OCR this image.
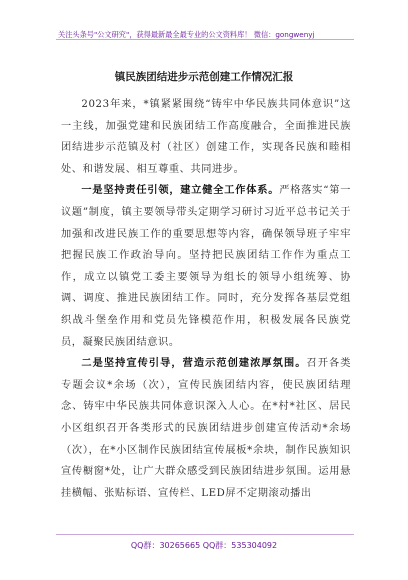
关注头条号"公文研究"，获得最新最全最专业的公文资料库！ 微信：gongwenyj
镇民族团结进步示范创建工作情况汇报

2023年来，*镇紧紧围绕“铸牢中华民族共同体意识”这一主线，加强党建和民族团结工作高度融合，全面推进民族团结进步示范镇及村（社区）创建工作，实现各民族和睦相处、和谐发展、相互尊重、共同进步。

一是坚持责任引领，建立健全工作体系。严格落实“第一议题”制度，镇主要领导带头定期学习研讨习近平总书记关于加强和改进民族工作的重要思想等内容，确保领导班子牢牢把握民族工作政治导向。坚持把民族团结工作作为重点工作，成立以镇党工委主要领导为组长的领导小组统筹、协调、调度、推进民族团结工作。同时，充分发挥各基层党组织战斗堡垒作用和党员先锋模范作用，积极发展各民族党员，凝聚民族团结意识。

二是坚持宣传引导，营造示范创建浓厚氛围。召开各类专题会议*余场（次），宣传民族团结内容，使民族团结理念、铸牢中华民族共同体意识深入人心。在*村*社区、居民小区组织召开各类形式的民族团结进步创建宣传活动*余场（次），在*小区制作民族团结宣传展板*余块，制作民族知识宣传橱窗*处，让广大群众感受到民族团结进步氛围。运用悬挂横幅、张贴标语、宣传栏、LED屏不定期滚动播出

QQ群：30265665 QQ群：535304092
